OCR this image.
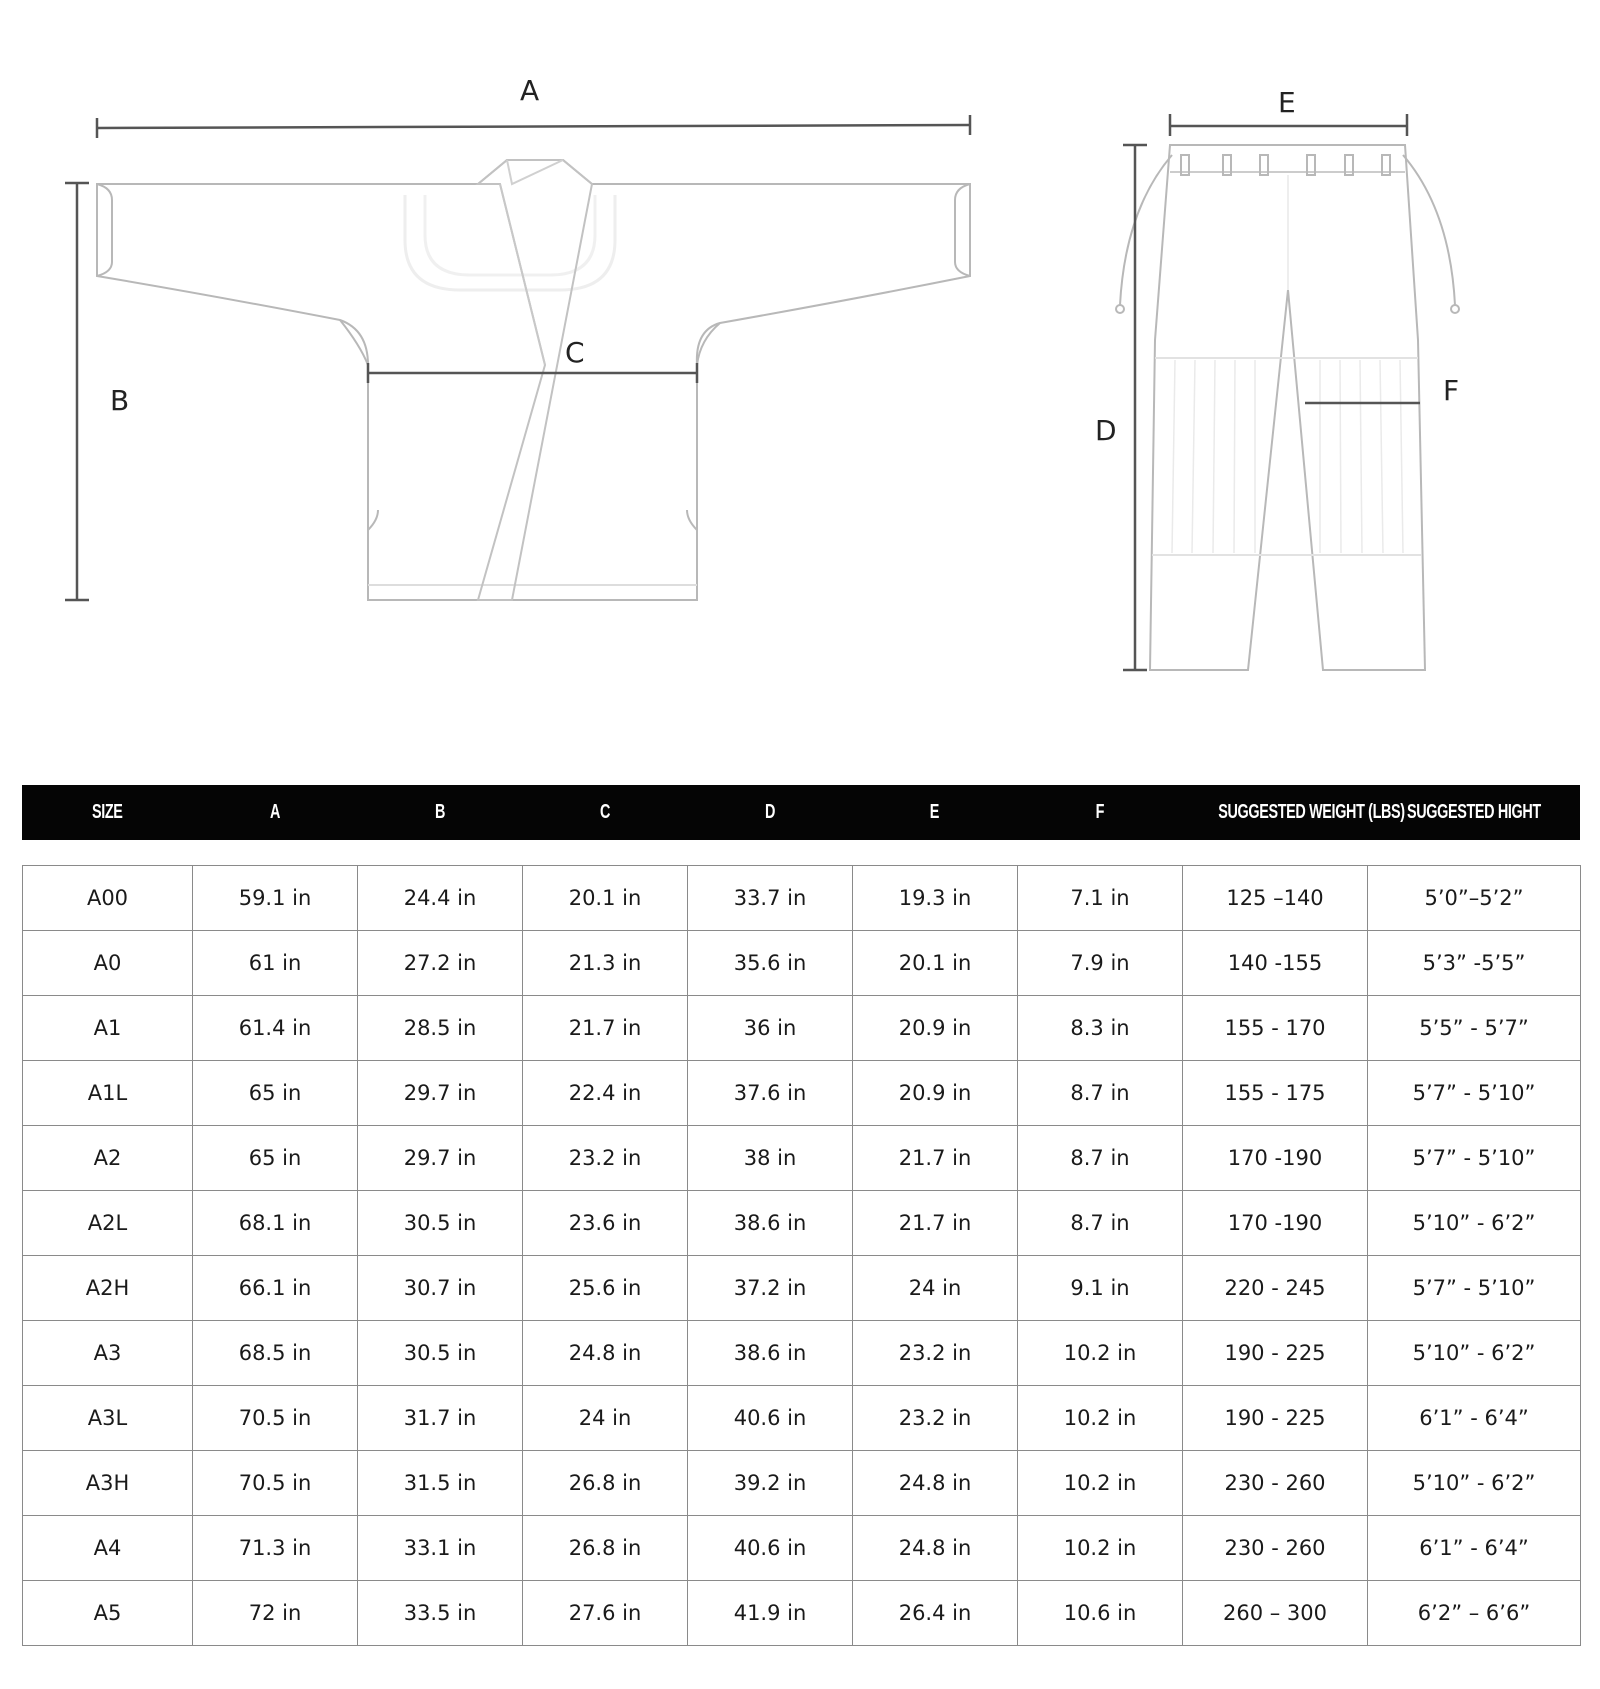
A
B
C
D
E
F
SIZE	A	B	C	D	E	F	SUGGESTED WEIGHT (LBS)	SUGGESTED HIGHT
A00	59.1 in	24.4 in	20.1 in	33.7 in	19.3 in	7.1 in	125 –140	5’0”–5’2”
A0	61 in	27.2 in	21.3 in	35.6 in	20.1 in	7.9 in	140 -155	5’3” -5’5”
A1	61.4 in	28.5 in	21.7 in	36 in	20.9 in	8.3 in	155 - 170	5’5” - 5’7”
A1L	65 in	29.7 in	22.4 in	37.6 in	20.9 in	8.7 in	155 - 175	5’7” - 5’10”
A2	65 in	29.7 in	23.2 in	38 in	21.7 in	8.7 in	170 -190	5’7” - 5’10”
A2L	68.1 in	30.5 in	23.6 in	38.6 in	21.7 in	8.7 in	170 -190	5’10” - 6’2”
A2H	66.1 in	30.7 in	25.6 in	37.2 in	24 in	9.1 in	220 - 245	5’7” - 5’10”
A3	68.5 in	30.5 in	24.8 in	38.6 in	23.2 in	10.2 in	190 - 225	5’10” - 6’2”
A3L	70.5 in	31.7 in	24 in	40.6 in	23.2 in	10.2 in	190 - 225	6’1” - 6’4”
A3H	70.5 in	31.5 in	26.8 in	39.2 in	24.8 in	10.2 in	230 - 260	5’10” - 6’2”
A4	71.3 in	33.1 in	26.8 in	40.6 in	24.8 in	10.2 in	230 - 260	6’1” - 6’4”
A5	72 in	33.5 in	27.6 in	41.9 in	26.4 in	10.6 in	260 – 300	6’2” – 6’6”
